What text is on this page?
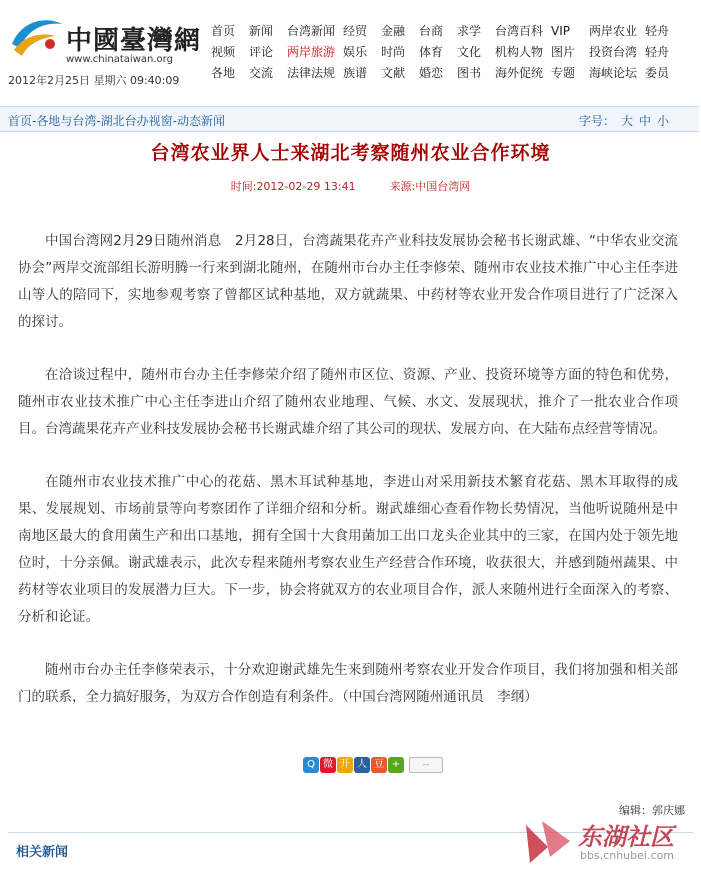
中國臺灣網
www.chinataiwan.org
2012年2月25日 星期六 09:40:09
首页 新闻 台湾新闻 经贸 金融 台商 求学 台湾百科 VIP 两岸农业 轻舟
视频 评论 两岸旅游 娱乐 时尚 体育 文化 机构人物 图片 投资台湾 轻舟
各地 交流 法律法规 族谱 文献 婚恋 图书 海外促统 专题 海峡论坛 委员
首页-各地与台湾-湖北台办视窗-动态新闻	字号： 大 中 小
台湾农业界人士来湖北考察随州农业合作环境
时间:2012-02-29 13:41	来源:中国台湾网

中国台湾网2月29日随州消息　2月28日，台湾蔬果花卉产业科技发展协会秘书长谢武雄、“中华农业交流协会”两岸交流部组长游明腾一行来到湖北随州，在随州市台办主任李修荣、随州市农业技术推广中心主任李进山等人的陪同下，实地参观考察了曾都区试种基地，双方就蔬果、中药材等农业开发合作项目进行了广泛深入的探讨。

在洽谈过程中，随州市台办主任李修荣介绍了随州市区位、资源、产业、投资环境等方面的特色和优势，随州市农业技术推广中心主任李进山介绍了随州农业地理、气候、水文、发展现状，推介了一批农业合作项目。台湾蔬果花卉产业科技发展协会秘书长谢武雄介绍了其公司的现状、发展方向、在大陆布点经营等情况。

在随州市农业技术推广中心的花菇、黑木耳试种基地，李进山对采用新技术繁育花菇、黑木耳取得的成果、发展规划、市场前景等向考察团作了详细介绍和分析。谢武雄细心查看作物长势情况，当他听说随州是中南地区最大的食用菌生产和出口基地，拥有全国十大食用菌加工出口龙头企业其中的三家，在国内处于领先地位时，十分亲佩。谢武雄表示，此次专程来随州考察农业生产经营合作环境，收获很大，并感到随州蔬果、中药材等农业项目的发展潜力巨大。下一步，协会将就双方的农业项目合作，派人来随州进行全面深入的考察、分析和论证。

随州市台办主任李修荣表示，十分欢迎谢武雄先生来到随州考察农业开发合作项目，我们将加强和相关部门的联系，全力搞好服务，为双方合作创造有利条件。（中国台湾网随州通讯员　李纲）

Q 微 开 人 豆 +	--
编辑：郭庆娜
相关新闻
东湖社区
bbs.cnhubei.com
